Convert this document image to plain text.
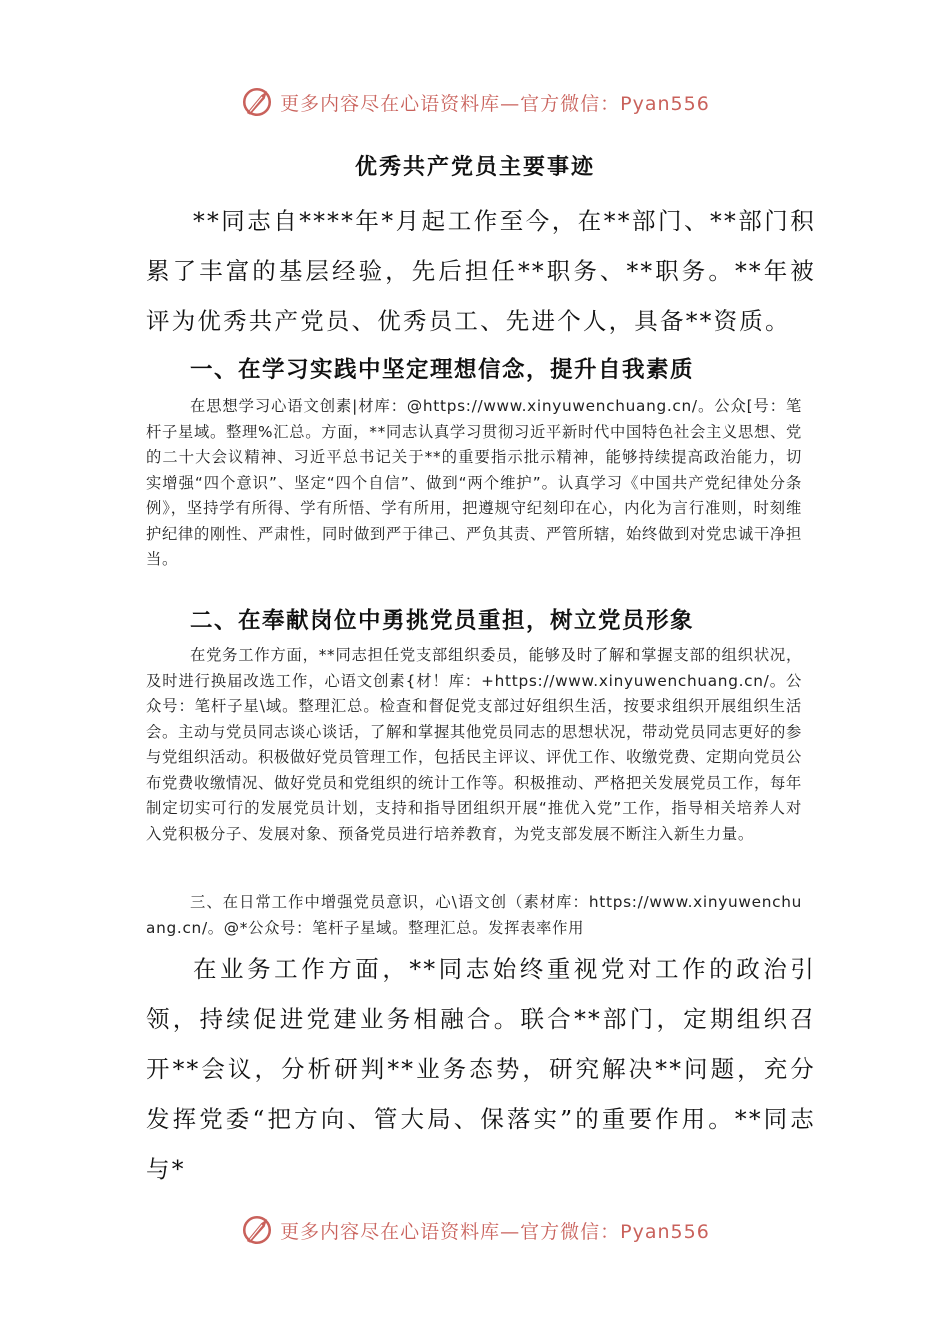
更多内容尽在心语资料库—官方微信：Pyan556
优秀共产党员主要事迹

**同志自****年*月起工作至今，在**部门、**部门积累了丰富的基层经验，先后担任**职务、**职务。**年被评为优秀共产党员、优秀员工、先进个人，具备**资质。

一、在学习实践中坚定理想信念，提升自我素质

在思想学习心语文创素|材库：@https://www.xinyuwenchuang.cn/。公众[号：笔杆子星域。整理%汇总。方面，**同志认真学习贯彻习近平新时代中国特色社会主义思想、党的二十大会议精神、习近平总书记关于**的重要指示批示精神，能够持续提高政治能力，切实增强“四个意识”、坚定“四个自信”、做到“两个维护”。认真学习《中国共产党纪律处分条例》，坚持学有所得、学有所悟、学有所用，把遵规守纪刻印在心，内化为言行准则，时刻维护纪律的刚性、严肃性，同时做到严于律己、严负其责、严管所辖，始终做到对党忠诚干净担当。

二、在奉献岗位中勇挑党员重担，树立党员形象

在党务工作方面，**同志担任党支部组织委员，能够及时了解和掌握支部的组织状况，及时进行换届改选工作，心语文创素{材！库：+https://www.xinyuwenchuang.cn/。公众号：笔杆子星\域。整理汇总。检查和督促党支部过好组织生活，按要求组织开展组织生活会。主动与党员同志谈心谈话，了解和掌握其他党员同志的思想状况，带动党员同志更好的参与党组织活动。积极做好党员管理工作，包括民主评议、评优工作、收缴党费、定期向党员公布党费收缴情况、做好党员和党组织的统计工作等。积极推动、严格把关发展党员工作，每年制定切实可行的发展党员计划，支持和指导团组织开展“推优入党”工作，指导相关培养人对入党积极分子、发展对象、预备党员进行培养教育，为党支部发展不断注入新生力量。

三、在日常工作中增强党员意识，心\语文创（素材库：https://www.xinyuwenchuang.cn/。@*公众号：笔杆子星域。整理汇总。发挥表率作用

在业务工作方面，**同志始终重视党对工作的政治引领，持续促进党建业务相融合。联合**部门，定期组织召开**会议，分析研判**业务态势，研究解决**问题，充分发挥党委“把方向、管大局、保落实”的重要作用。**同志与*

更多内容尽在心语资料库—官方微信：Pyan556
